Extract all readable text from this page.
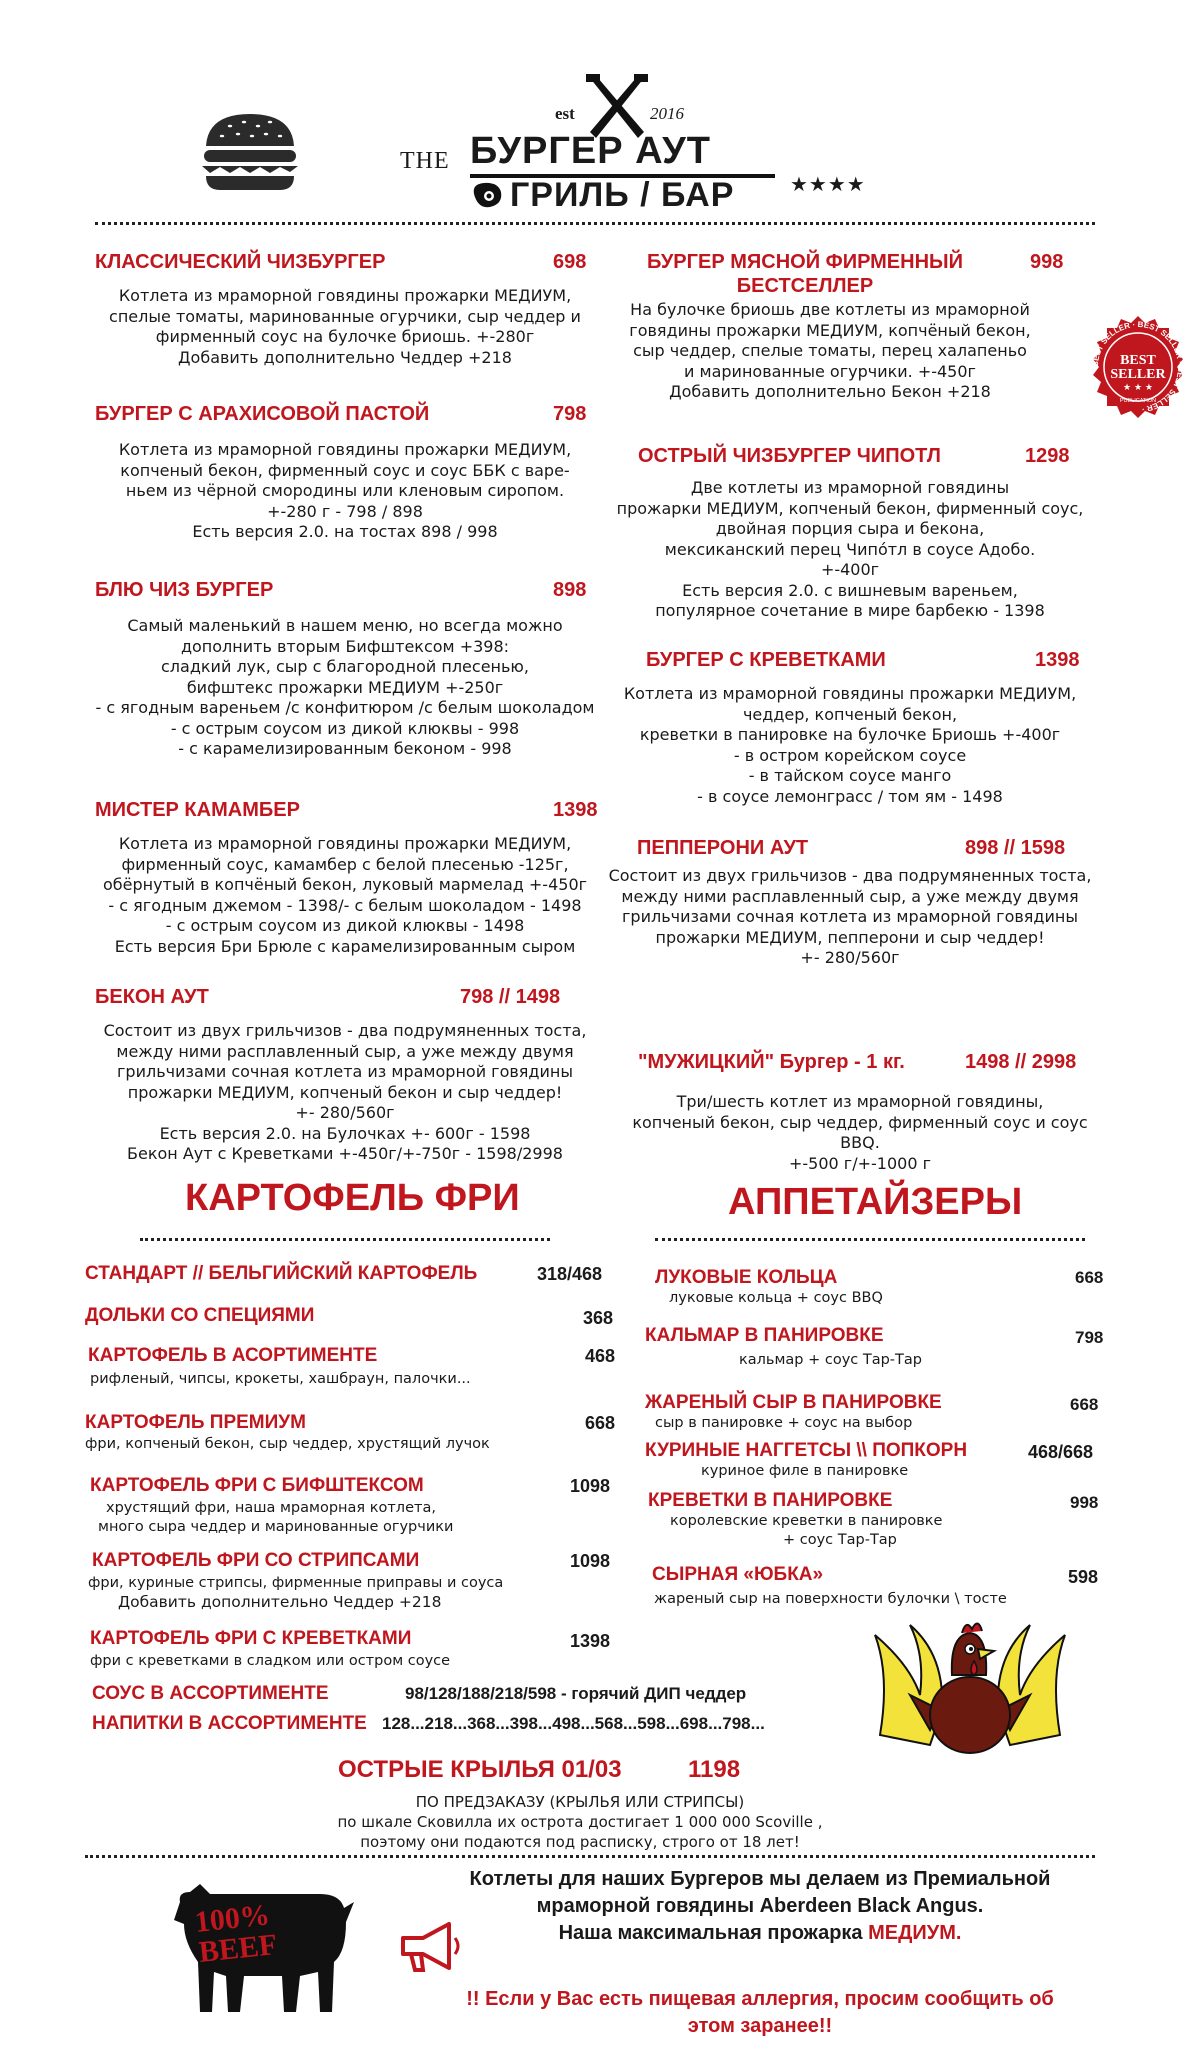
est	2016
THE БУРГЕР АУТ
ГРИЛЬ / БАР	★★★★
КЛАССИЧЕСКИЙ ЧИЗБУРГЕР	698
Котлета из мраморной говядины прожарки МЕДИУМ,
спелые томаты, маринованные огурчики, сыр чеддер и
фирменный соус на булочке бриошь. +-280г
Добавить дополнительно Чеддер +218
БУРГЕР С АРАХИСОВОЙ ПАСТОЙ	798
Котлета из мраморной говядины прожарки МЕДИУМ,
копченый бекон, фирменный соус и соус ББК с варе-
ньем из чёрной смородины или кленовым сиропом.
+-280 г - 798 / 898
Есть версия 2.0. на тостах 898 / 998
БЛЮ ЧИЗ БУРГЕР	898
Самый маленький в нашем меню, но всегда можно
дополнить вторым Бифштексом +398:
сладкий лук, сыр с благородной плесенью,
бифштекс прожарки МЕДИУМ +-250г
- с ягодным вареньем /с конфитюром /с белым шоколадом
- с острым соусом из дикой клюквы - 998
- с карамелизированным беконом - 998
МИСТЕР КАМАМБЕР	1398
Котлета из мраморной говядины прожарки МЕДИУМ,
фирменный соус, камамбер с белой плесенью -125г,
обёрнутый в копчёный бекон, луковый мармелад +-450г
- с ягодным джемом - 1398/- с белым шоколадом - 1498
- с острым соусом из дикой клюквы - 1498
Есть версия Бри Брюле с карамелизированным сыром
БЕКОН АУТ	798 // 1498
Состоит из двух грильчизов - два подрумяненных тоста,
между ними расплавленный сыр, а уже между двумя
грильчизами сочная котлета из мраморной говядины
прожарки МЕДИУМ, копченый бекон и сыр чеддер!
+- 280/560г
Есть версия 2.0. на Булочках +- 600г - 1598
Бекон Аут с Креветками +-450г/+-750г - 1598/2998
БУРГЕР МЯСНОЙ ФИРМЕННЫЙ
БЕСТСЕЛЛЕР
998
На булочке бриошь две котлеты из мраморной
говядины прожарки МЕДИУМ, копчёный бекон,
сыр чеддер, спелые томаты, перец халапеньо
и маринованные огурчики. +-450г
Добавить дополнительно Бекон +218
BEST SELLER · BEST SELLER · BEST SELLER ·
BEST
SELLER
★ ★ ★
PUBLICATION
ОСТРЫЙ ЧИЗБУРГЕР ЧИПОТЛ	1298
Две котлеты из мраморной говядины
прожарки МЕДИУМ, копченый бекон, фирменный соус,
двойная порция сыра и бекона,
мексиканский перец Чипо́тл в соусе Адобо.
+-400г
Есть версия 2.0. с вишневым вареньем,
популярное сочетание в мире барбекю - 1398
БУРГЕР С КРЕВЕТКАМИ	1398
Котлета из мраморной говядины прожарки МЕДИУМ,
чеддер, копченый бекон,
креветки в панировке на булочке Бриошь +-400г
- в остром корейском соусе
- в тайском соусе манго
- в соусе лемонграсс / том ям - 1498
ПЕППЕРОНИ АУТ	898 // 1598
Состоит из двух грильчизов - два подрумяненных тоста,
между ними расплавленный сыр, а уже между двумя
грильчизами сочная котлета из мраморной говядины
прожарки МЕДИУМ, пепперони и сыр чеддер!
+- 280/560г
"МУЖИЦКИЙ" Бургер - 1 кг.	1498 // 2998
Три/шесть котлет из мраморной говядины,
копченый бекон, сыр чеддер, фирменный соус и соус
BBQ.
+-500 г/+-1000 г
КАРТОФЕЛЬ ФРИ	АППЕТАЙЗЕРЫ
СТАНДАРТ // БЕЛЬГИЙСКИЙ КАРТОФЕЛЬ	318/468
ДОЛЬКИ СО СПЕЦИЯМИ	368
КАРТОФЕЛЬ В АСОРТИМЕНТЕ
рифленый, чипсы, крокеты, хашбраун, палочки...
468
КАРТОФЕЛЬ ПРЕМИУМ
фри, копченый бекон, сыр чеддер, хрустящий лучок
668
КАРТОФЕЛЬ ФРИ С БИФШТЕКСОМ
хрустящий фри, наша мраморная котлета,
много сыра чеддер и маринованные огурчики
1098
КАРТОФЕЛЬ ФРИ СО СТРИПСАМИ
фри, куриные стрипсы, фирменные приправы и соуса
Добавить дополнительно Чеддер +218
1098
КАРТОФЕЛЬ ФРИ С КРЕВЕТКАМИ
фри с креветками в сладком или остром соусе
1398
ЛУКОВЫЕ КОЛЬЦА
луковые кольца + соус BBQ
668
КАЛЬМАР В ПАНИРОВКЕ
кальмар + соус Тар-Тар
798
ЖАРЕНЫЙ СЫР В ПАНИРОВКЕ
сыр в панировке + соус на выбор
668
КУРИНЫЕ НАГГЕТСЫ \\ ПОПКОРН
куриное филе в панировке
468/668
КРЕВЕТКИ В ПАНИРОВКЕ
королевские креветки в панировке
+ соус Тар-Тар
998
СЫРНАЯ «ЮБКА»
жареный сыр на поверхности булочки \ тосте
598
СОУС В АССОРТИМЕНТЕ	98/128/188/218/598 - горячий ДИП чеддер
НАПИТКИ В АССОРТИМЕНТЕ 128...218...368...398...498...568...598...698...798...
ОСТРЫЕ КРЫЛЬЯ 01/03	1198
ПО ПРЕДЗАКАЗУ (КРЫЛЬЯ ИЛИ СТРИПСЫ)
по шкале Сковилла их острота достигает 1 000 000 Scoville ,
поэтому они подаются под расписку, строго от 18 лет!
100%
BEEF
Котлеты для наших Бургеров мы делаем из Премиальной
мраморной говядины Aberdeen Black Angus.
Наша максимальная прожарка МЕДИУМ.
!! Если у Вас есть пищевая аллергия, просим сообщить об
этом заранее!!
